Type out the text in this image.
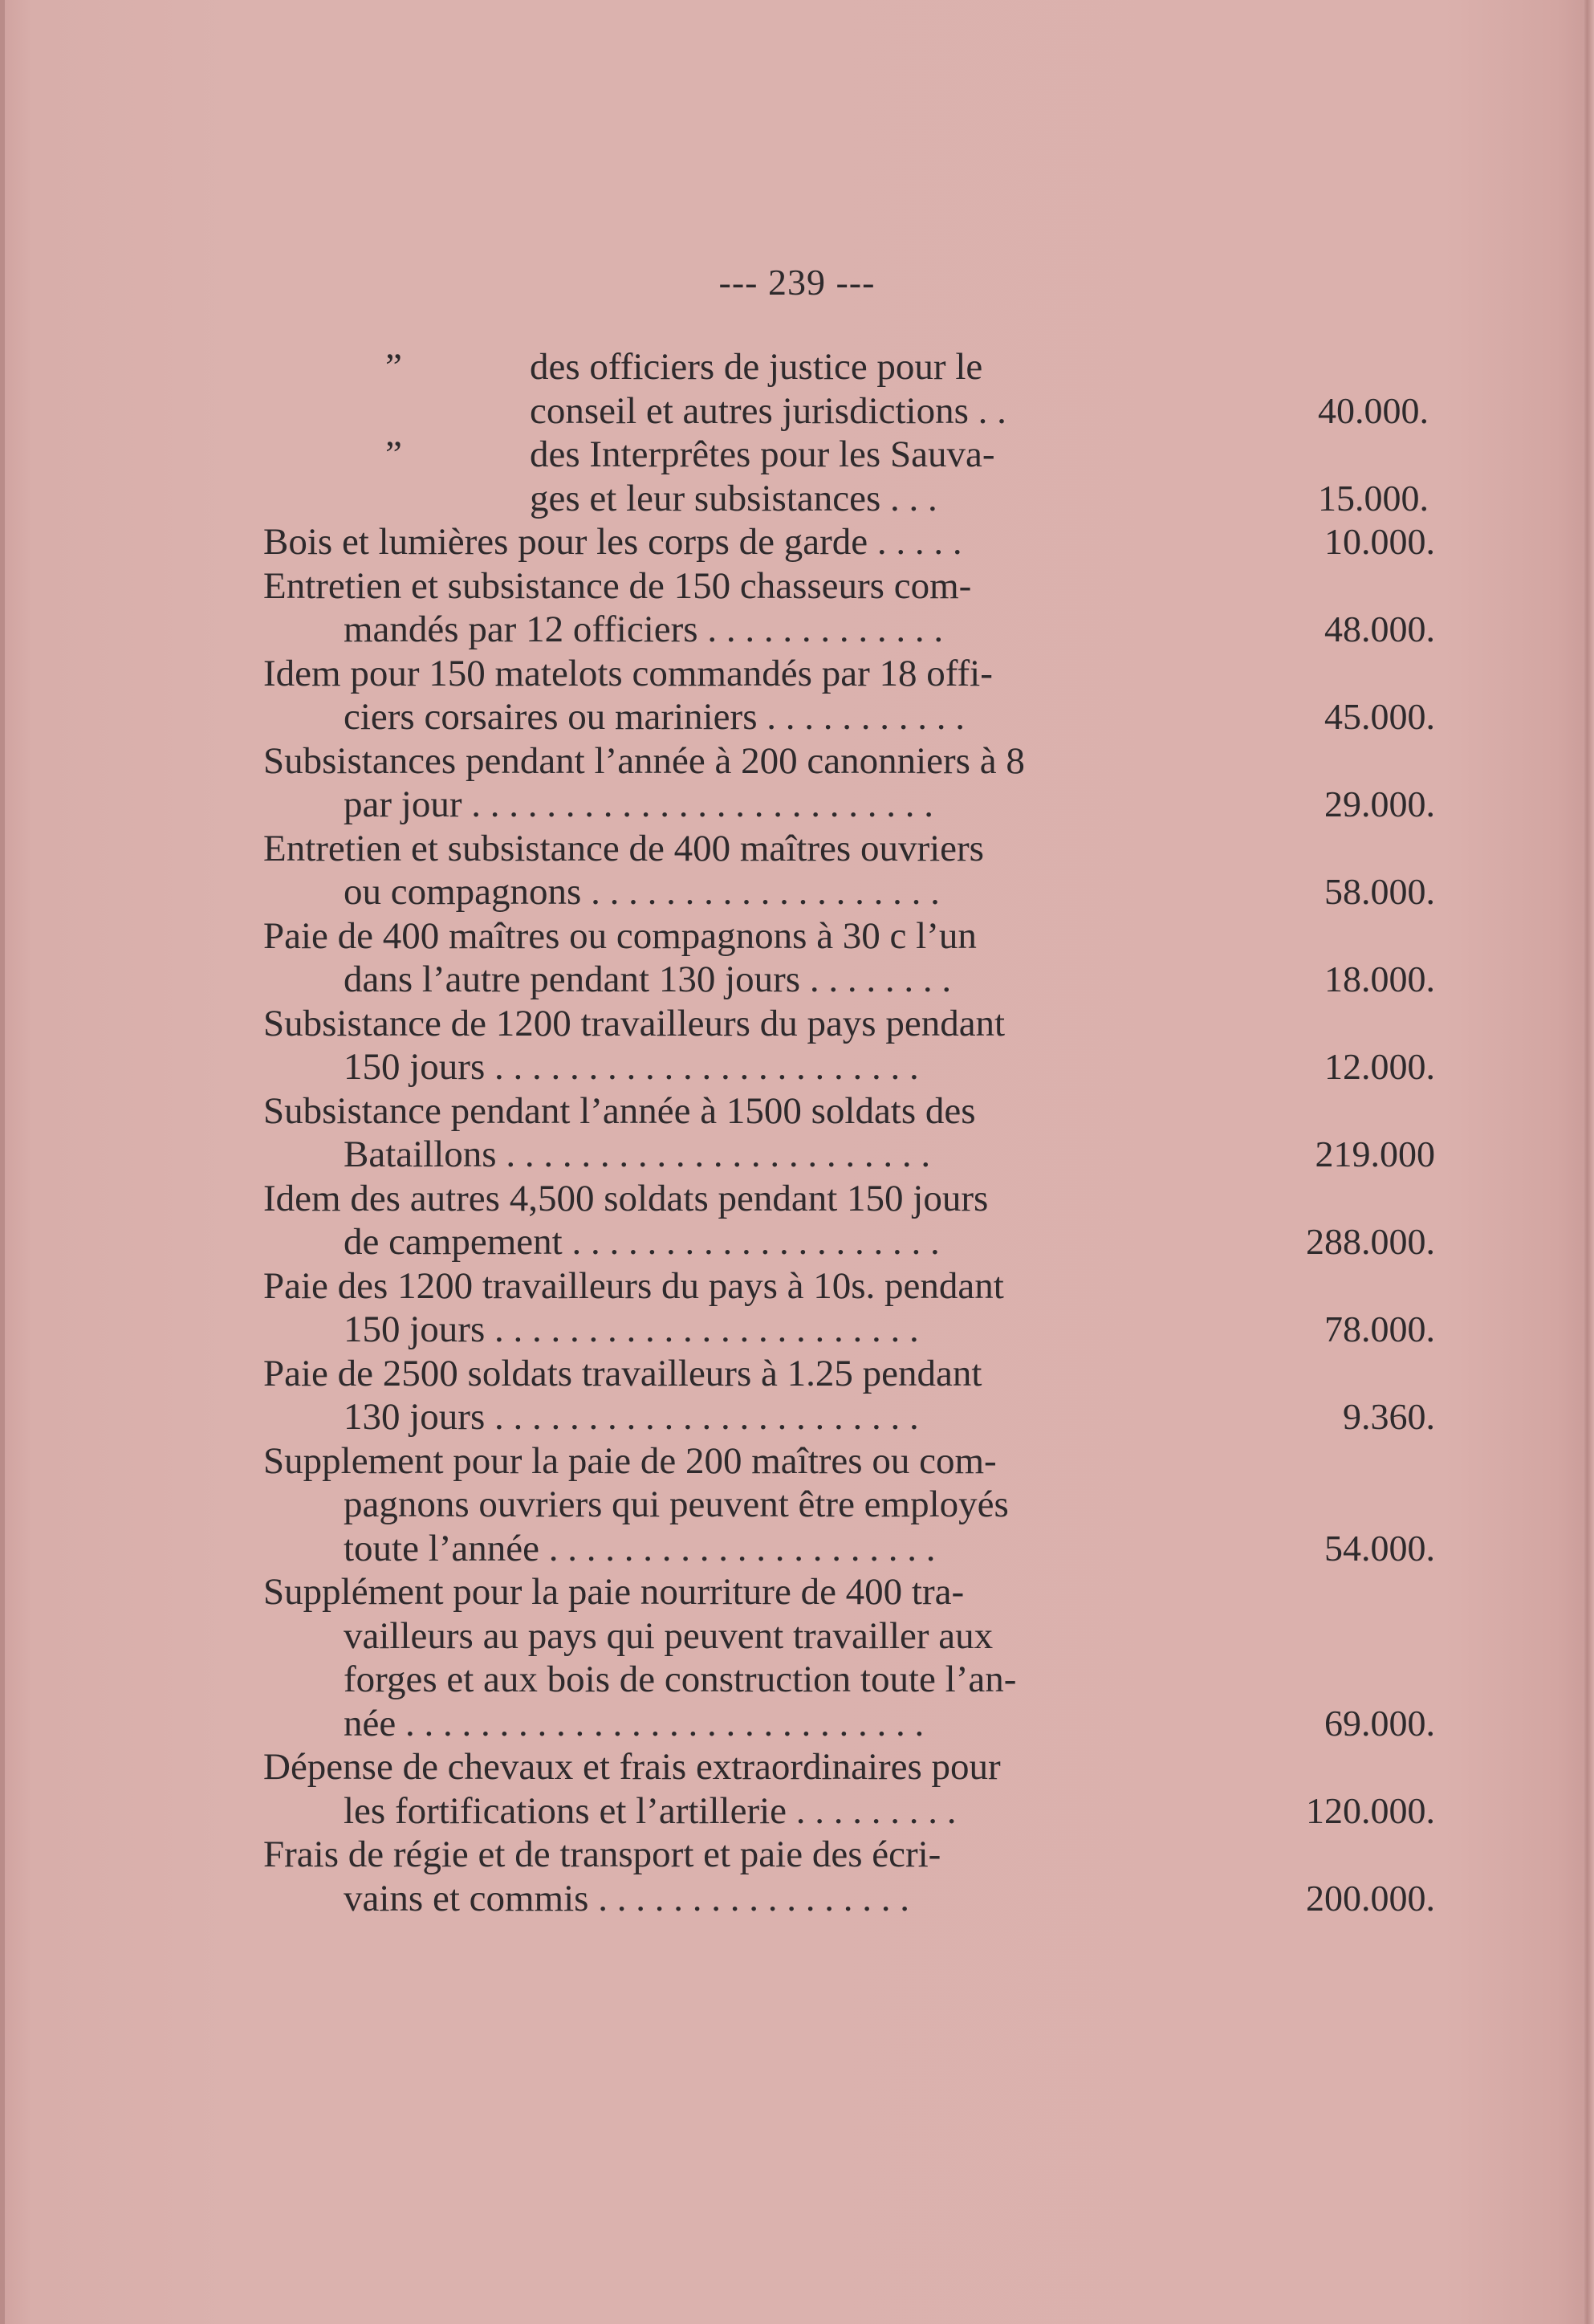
--- 239 ---
”	des officiers de justice pour le
conseil et autres jurisdictions . .	40.000.
”	des Interprêtes pour les Sauva-
ges et leur subsistances . . .	15.000.
Bois et lumières pour les corps de garde . . . . .	10.000.
Entretien et subsistance de 150 chasseurs com-
mandés par 12 officiers . . . . . . . . . . . . .	48.000.
Idem pour 150 matelots commandés par 18 offi-
ciers corsaires ou mariniers . . . . . . . . . . .	45.000.
Subsistances pendant l’année à 200 canonniers à 8
par jour . . . . . . . . . . . . . . . . . . . . . . . . .	29.000.
Entretien et subsistance de 400 maîtres ouvriers
ou compagnons . . . . . . . . . . . . . . . . . . .	58.000.
Paie de 400 maîtres ou compagnons à 30 c l’un
dans l’autre pendant 130 jours . . . . . . . .	18.000.
Subsistance de 1200 travailleurs du pays pendant
150 jours . . . . . . . . . . . . . . . . . . . . . . .	12.000.
Subsistance pendant l’année à 1500 soldats des
Bataillons . . . . . . . . . . . . . . . . . . . . . . .	219.000
Idem des autres 4,500 soldats pendant 150 jours
de campement . . . . . . . . . . . . . . . . . . . .	288.000.
Paie des 1200 travailleurs du pays à 10s. pendant
150 jours . . . . . . . . . . . . . . . . . . . . . . .	78.000.
Paie de 2500 soldats travailleurs à 1.25 pendant
130 jours . . . . . . . . . . . . . . . . . . . . . . .	9.360.
Supplement pour la paie de 200 maîtres ou com-
pagnons ouvriers qui peuvent être employés
toute l’année . . . . . . . . . . . . . . . . . . . . .	54.000.
Supplément pour la paie nourriture de 400 tra-
vailleurs au pays qui peuvent travailler aux
forges et aux bois de construction toute l’an-
née . . . . . . . . . . . . . . . . . . . . . . . . . . . .	69.000.
Dépense de chevaux et frais extraordinaires pour
les fortifications et l’artillerie . . . . . . . . .	120.000.
Frais de régie et de transport et paie des écri-
vains et commis . . . . . . . . . . . . . . . . .	200.000.
